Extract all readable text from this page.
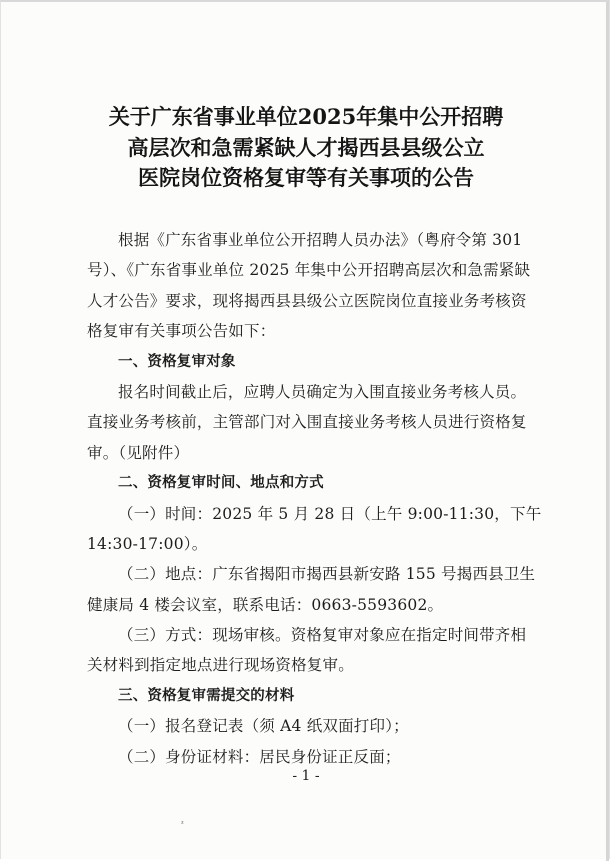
关于广东省事业单位2025年集中公开招聘
高层次和急需紧缺人才揭西县县级公立
医院岗位资格复审等有关事项的公告
根据《广东省事业单位公开招聘人员办法》（粤府令第 301
号）、《广东省事业单位 2025 年集中公开招聘高层次和急需紧缺
人才公告》要求，现将揭西县县级公立医院岗位直接业务考核资
格复审有关事项公告如下：
一、资格复审对象
报名时间截止后，应聘人员确定为入围直接业务考核人员。
直接业务考核前，主管部门对入围直接业务考核人员进行资格复
审。（见附件）
二、资格复审时间、地点和方式
（一）时间：2025 年 5 月 28 日（上午 9:00-11:30，下午
14:30-17:00）。
（二）地点：广东省揭阳市揭西县新安路 155 号揭西县卫生
健康局 4 楼会议室，联系电话：0663-5593602。
（三）方式：现场审核。资格复审对象应在指定时间带齐相
关材料到指定地点进行现场资格复审。
三、资格复审需提交的材料
（一）报名登记表（须 A4 纸双面打印）；
（二）身份证材料：居民身份证正反面；
- 1 -
²
